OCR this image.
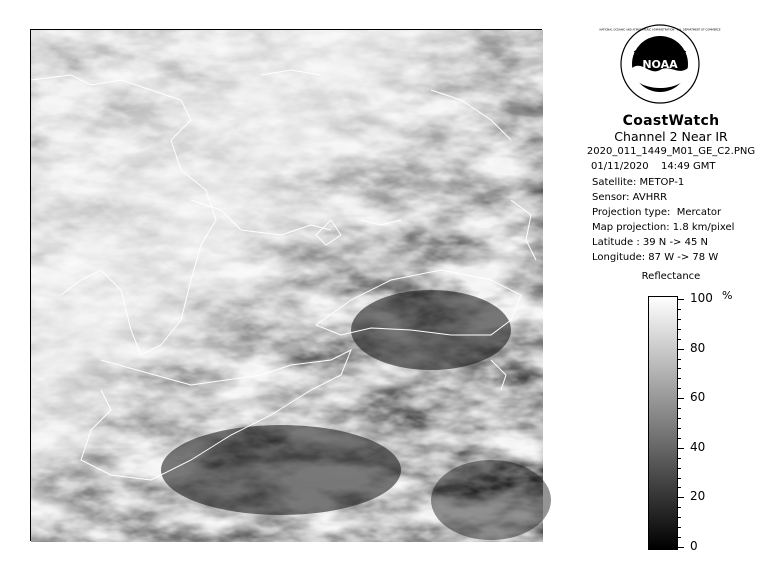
NOAA
NATIONAL OCEANIC AND ATMOSPHERIC ADMINISTRATION · U.S. DEPARTMENT OF COMMERCE
CoastWatch
Channel 2 Near IR
2020_011_1449_M01_GE_C2.PNG
01/11/2020 14:49 GMT
Satellite: METOP-1
Sensor: AVHRR
Projection type:  Mercator
Map projection: 1.8 km/pixel
Latitude : 39 N -> 45 N
Longitude: 87 W -> 78 W
Reflectance
%
100
80
60
40
20
0
